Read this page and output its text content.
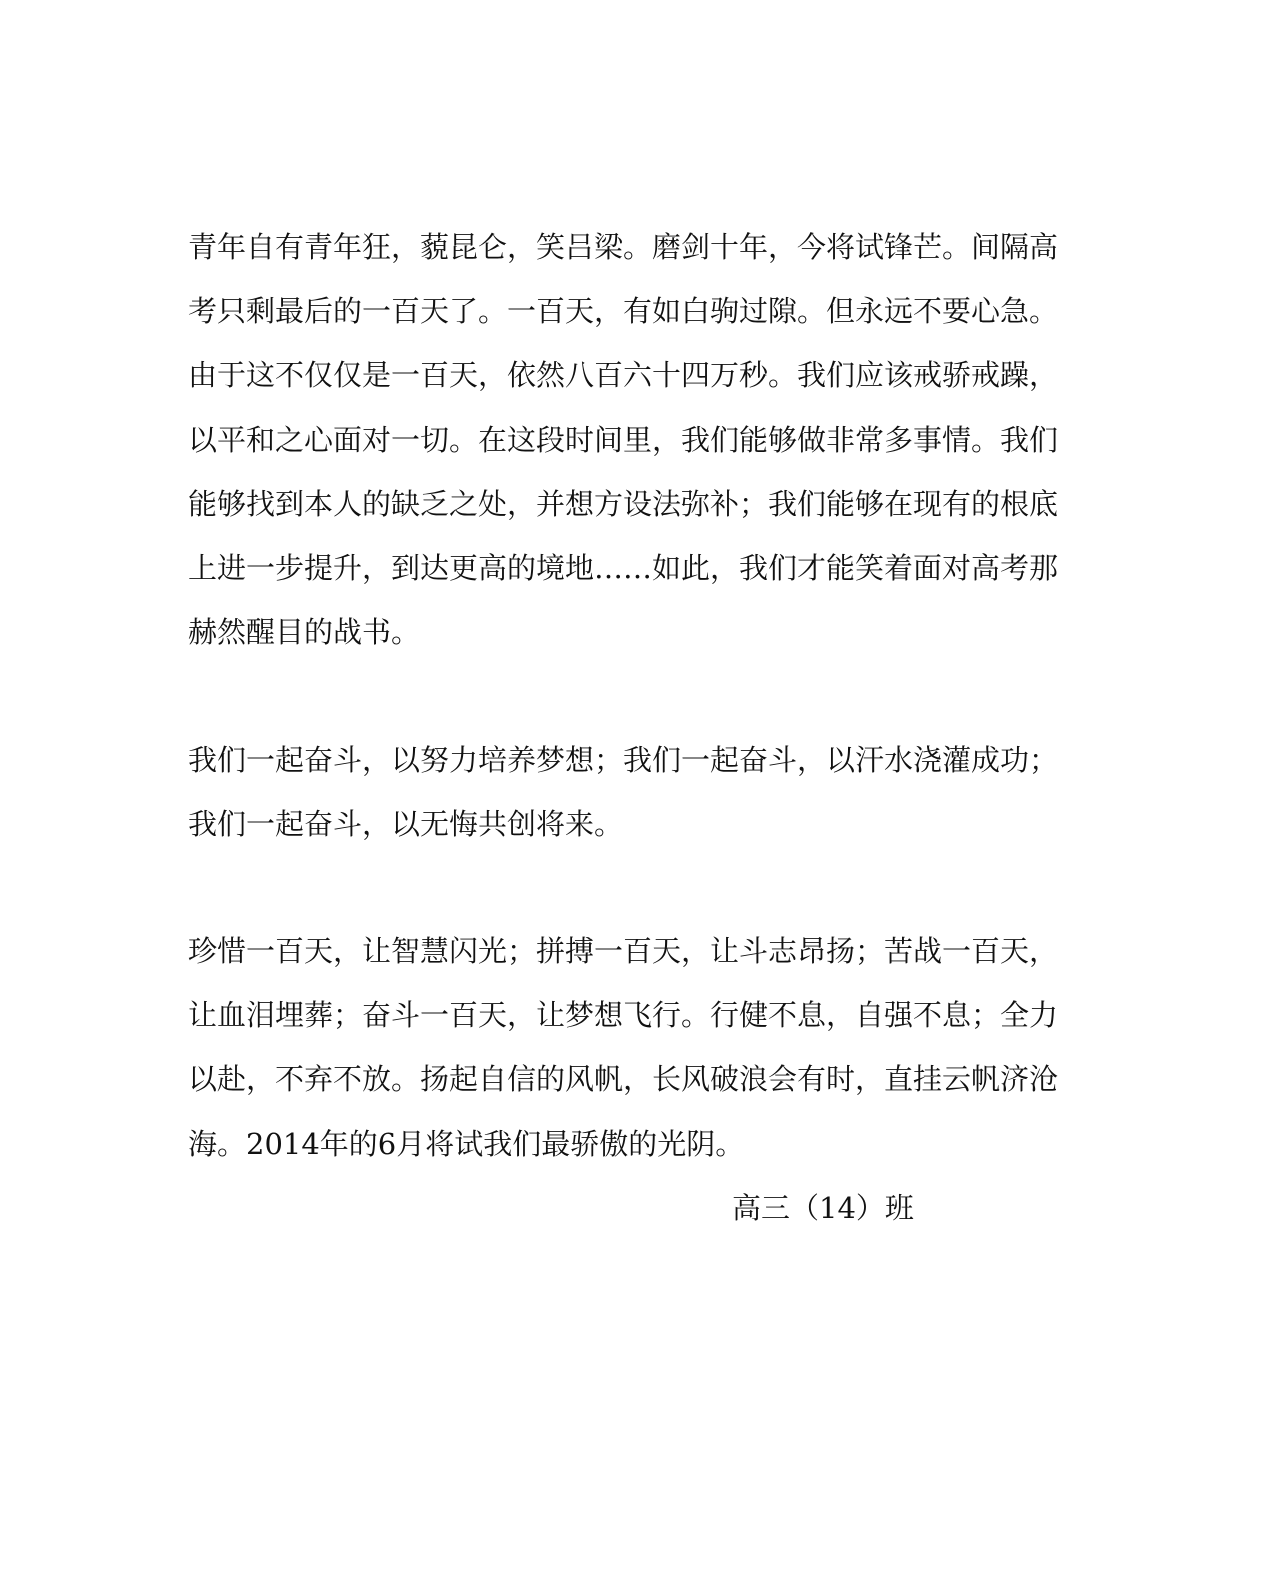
青年自有青年狂，藐昆仑，笑吕梁。磨剑十年，今将试锋芒。间隔高
考只剩最后的一百天了。一百天，有如白驹过隙。但永远不要心急。
由于这不仅仅是一百天，依然八百六十四万秒。我们应该戒骄戒躁，
以平和之心面对一切。在这段时间里，我们能够做非常多事情。我们
能够找到本人的缺乏之处，并想方设法弥补；我们能够在现有的根底
上进一步提升，到达更高的境地……如此，我们才能笑着面对高考那
赫然醒目的战书。

我们一起奋斗，以努力培养梦想；我们一起奋斗，以汗水浇灌成功；
我们一起奋斗，以无悔共创将来。

珍惜一百天，让智慧闪光；拼搏一百天，让斗志昂扬；苦战一百天，
让血泪埋葬；奋斗一百天，让梦想飞行。行健不息，自强不息；全力
以赴，不弃不放。扬起自信的风帆，长风破浪会有时，直挂云帆济沧
海。2014年的6月将试我们最骄傲的光阴。

高三（14）班
